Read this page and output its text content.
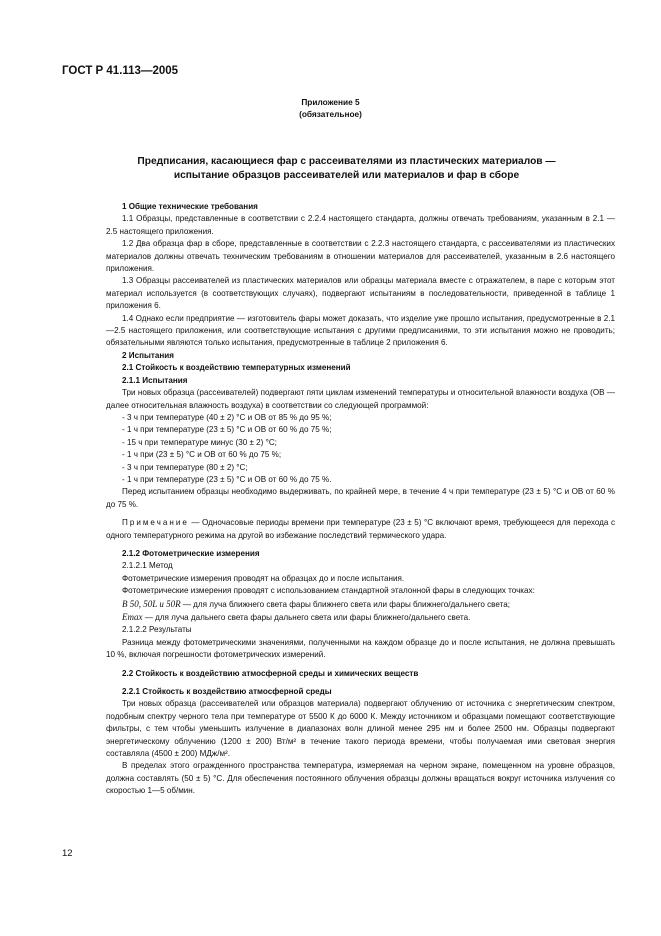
ГОСТ Р 41.113—2005
Приложение 5
(обязательное)
Предписания, касающиеся фар с рассеивателями из пластических материалов —
испытание образцов рассеивателей или материалов и фар в сборе

1 Общие технические требования

1.1 Образцы, представленные в соответствии с 2.2.4 настоящего стандарта, должны отвечать требованиям, указанным в 2.1 —2.5 настоящего приложения.

1.2 Два образца фар в сборе, представленные в соответствии с 2.2.3 настоящего стандарта, с рассеивателями из пластических материалов должны отвечать техническим требованиям в отношении материалов для рассеивателей, указанным в 2.6 настоящего приложения.

1.3 Образцы рассеивателей из пластических материалов или образцы материала вместе с отражателем, в паре с которым этот материал используется (в соответствующих случаях), подвергают испытаниям в последовательности, приведенной в таблице 1 приложения 6.

1.4 Однако если предприятие — изготовитель фары может доказать, что изделие уже прошло испытания, предусмотренные в 2.1—2.5 настоящего приложения, или соответствующие испытания с другими предписаниями, то эти испытания можно не проводить; обязательными являются только испытания, предусмотренные в таблице 2 приложения 6.

2 Испытания

2.1 Стойкость к воздействию температурных изменений

2.1.1 Испытания

Три новых образца (рассеивателей) подвергают пяти циклам изменений температуры и относительной влажности воздуха (ОВ — далее относительная влажность воздуха) в соответствии со следующей программой:

- 3 ч при температуре (40 ± 2) °С и ОВ от 85 % до 95 %;

- 1 ч при температуре (23 ± 5) °С и ОВ от 60 % до 75 %;

- 15 ч при температуре минус (30 ± 2) °С;

- 1 ч при (23 ± 5) °С и ОВ от 60 % до 75 %;

- 3 ч при температуре (80 ± 2) °С;

- 1 ч при температуре (23 ± 5) °С и ОВ от 60 % до 75 %.

Перед испытанием образцы необходимо выдерживать, по крайней мере, в течение 4 ч при температуре (23 ± 5) °С и ОВ от 60 % до 75 %.

Примечание — Одночасовые периоды времени при температуре (23 ± 5) °С включают время, требующееся для перехода с одного температурного режима на другой во избежание последствий термического удара.

2.1.2 Фотометрические измерения

2.1.2.1 Метод

Фотометрические измерения проводят на образцах до и после испытания.

Фотометрические измерения проводят с использованием стандартной эталонной фары в следующих точках:

B 50, 50L и 50R — для луча ближнего света фары ближнего света или фары ближнего/дальнего света;

Emax — для луча дальнего света фары дальнего света или фары ближнего/дальнего света.

2.1.2.2 Результаты

Разница между фотометрическими значениями, полученными на каждом образце до и после испытания, не должна превышать 10 %, включая погрешности фотометрических измерений.

2.2 Стойкость к воздействию атмосферной среды и химических веществ

2.2.1 Стойкость к воздействию атмосферной среды

Три новых образца (рассеивателей или образцов материала) подвергают облучению от источника с энергетическим спектром, подобным спектру черного тела при температуре от 5500 К до 6000 К. Между источником и образцами помещают соответствующие фильтры, с тем чтобы уменьшить излучение в диапазонах волн длиной менее 295 нм и более 2500 нм. Образцы подвергают энергетическому облучению (1200 ± 200) Вт/м² в течение такого периода времени, чтобы получаемая ими световая энергия составляла (4500 ± 200) МДж/м².

В пределах этого огражденного пространства температура, измеряемая на черном экране, помещенном на уровне образцов, должна составлять (50 ± 5) °С. Для обеспечения постоянного облучения образцы должны вращаться вокруг источника излучения со скоростью 1—5 об/мин.

12
